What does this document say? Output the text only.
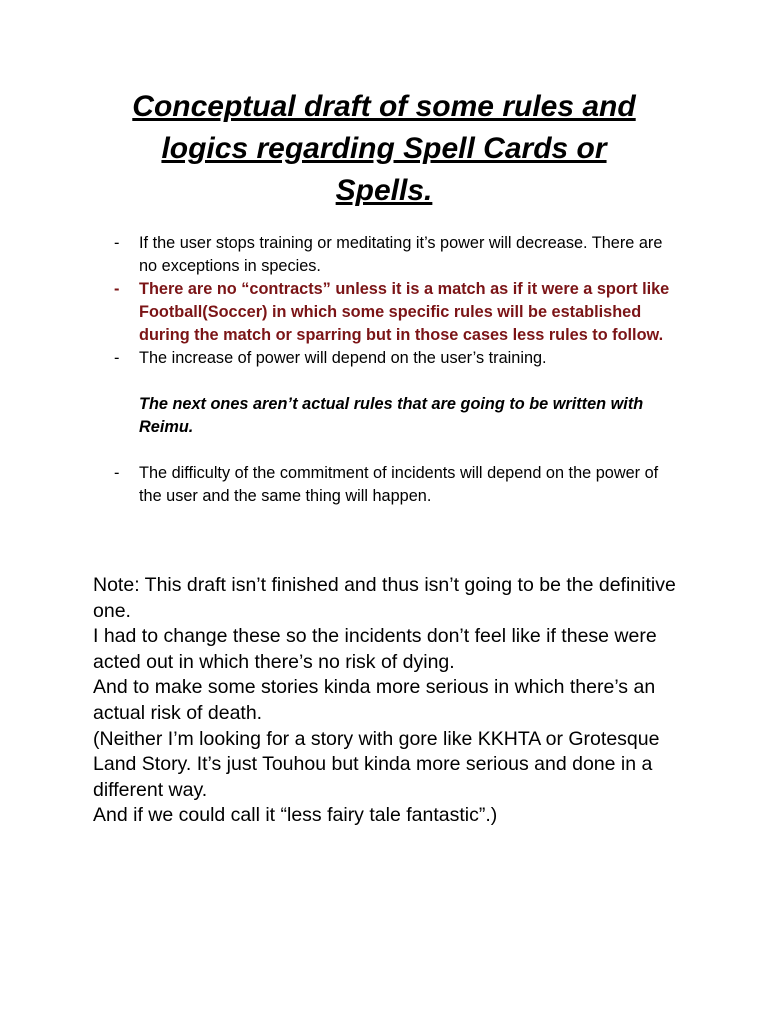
Conceptual draft of some rules and
logics regarding Spell Cards or
Spells.
- If the user stops training or meditating it’s power will decrease. There are no exceptions in species.
- There are no “contracts” unless it is a match as if it were a sport like Football(Soccer) in which some specific rules will be established during the match or sparring but in those cases less rules to follow.
- The increase of power will depend on the user’s training.
The next ones aren’t actual rules that are going to be written with Reimu.
- The difficulty of the commitment of incidents will depend on the power of the user and the same thing will happen.

Note: This draft isn’t finished and thus isn’t going to be the definitive one.

I had to change these so the incidents don’t feel like if these were acted out in which there’s no risk of dying.

And to make some stories kinda more serious in which there’s an actual risk of death.

(Neither I’m looking for a story with gore like KKHTA or Grotesque Land Story. It’s just Touhou but kinda more serious and done in a different way.

And if we could call it “less fairy tale fantastic”.)
